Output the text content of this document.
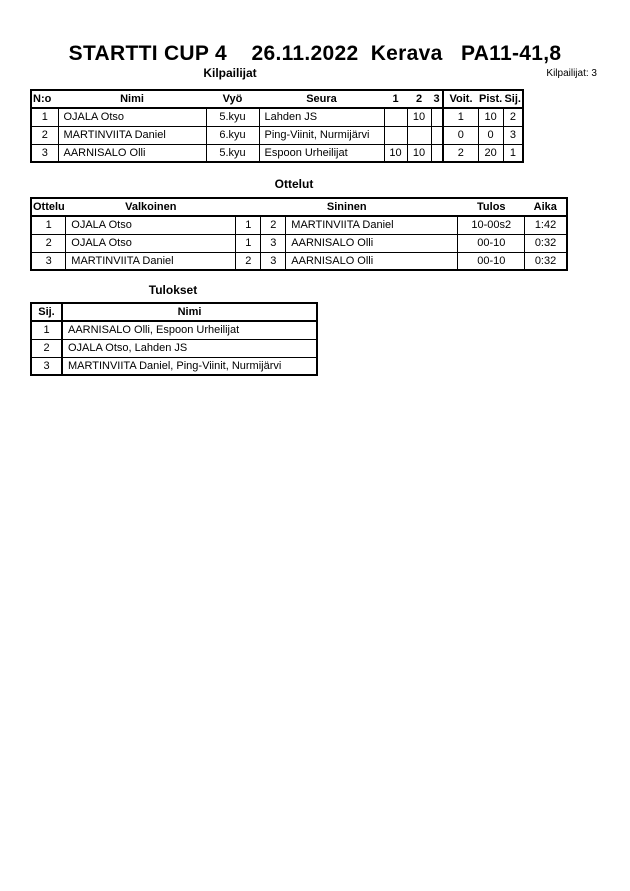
STARTTI CUP 4    26.11.2022  Kerava   PA11-41,8
Kilpailijat	Kilpailijat: 3
N:o	Nimi	Vyö	Seura	1	2	3	Voit.	Pist.	Sij.
1	OJALA Otso	5.kyu	Lahden JS		10		1	10	2
2	MARTINVIITA Daniel	6.kyu	Ping-Viinit, Nurmijärvi				0	0	3
3	AARNISALO Olli	5.kyu	Espoon Urheilijat	10	10		2	20	1
Ottelut
Ottelu	Valkoinen	Sininen			Tulos	Aika
1	OJALA Otso	1	2	MARTINVIITA Daniel	10-00s2	1:42
2	OJALA Otso	1	3	AARNISALO Olli	00-10	0:32
3	MARTINVIITA Daniel	2	3	AARNISALO Olli	00-10	0:32
Tulokset
Sij.	Nimi
1	AARNISALO Olli, Espoon Urheilijat
2	OJALA Otso, Lahden JS
3	MARTINVIITA Daniel, Ping-Viinit, Nurmijärvi
